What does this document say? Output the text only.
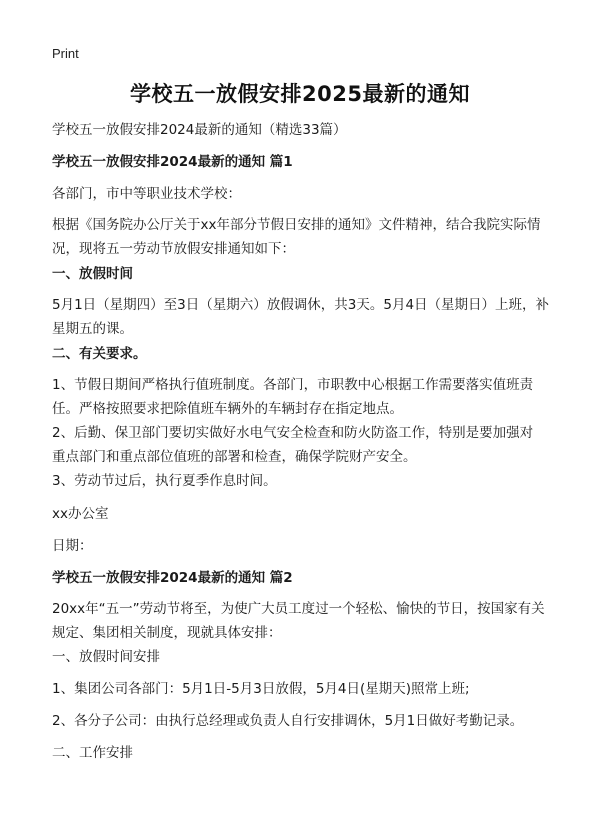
Print
学校五一放假安排2025最新的通知
学校五一放假安排2024最新的通知（精选33篇）
学校五一放假安排2024最新的通知 篇1
各部门，市中等职业技术学校：
根据《国务院办公厅关于xx年部分节假日安排的通知》文件精神，结合我院实际情
况，现将五一劳动节放假安排通知如下：
一、放假时间
5月1日（星期四）至3日（星期六）放假调休，共3天。5月4日（星期日）上班，补
星期五的课。
二、有关要求。
1、节假日期间严格执行值班制度。各部门，市职教中心根据工作需要落实值班责
任。严格按照要求把除值班车辆外的车辆封存在指定地点。
2、后勤、保卫部门要切实做好水电气安全检查和防火防盗工作，特别是要加强对
重点部门和重点部位值班的部署和检查，确保学院财产安全。
3、劳动节过后，执行夏季作息时间。
xx办公室
日期：
学校五一放假安排2024最新的通知 篇2
20xx年“五一”劳动节将至，为使广大员工度过一个轻松、愉快的节日，按国家有关
规定、集团相关制度，现就具体安排：
一、放假时间安排
1、集团公司各部门：5月1日-5月3日放假，5月4日(星期天)照常上班;
2、各分子公司：由执行总经理或负责人自行安排调休，5月1日做好考勤记录。
二、工作安排
